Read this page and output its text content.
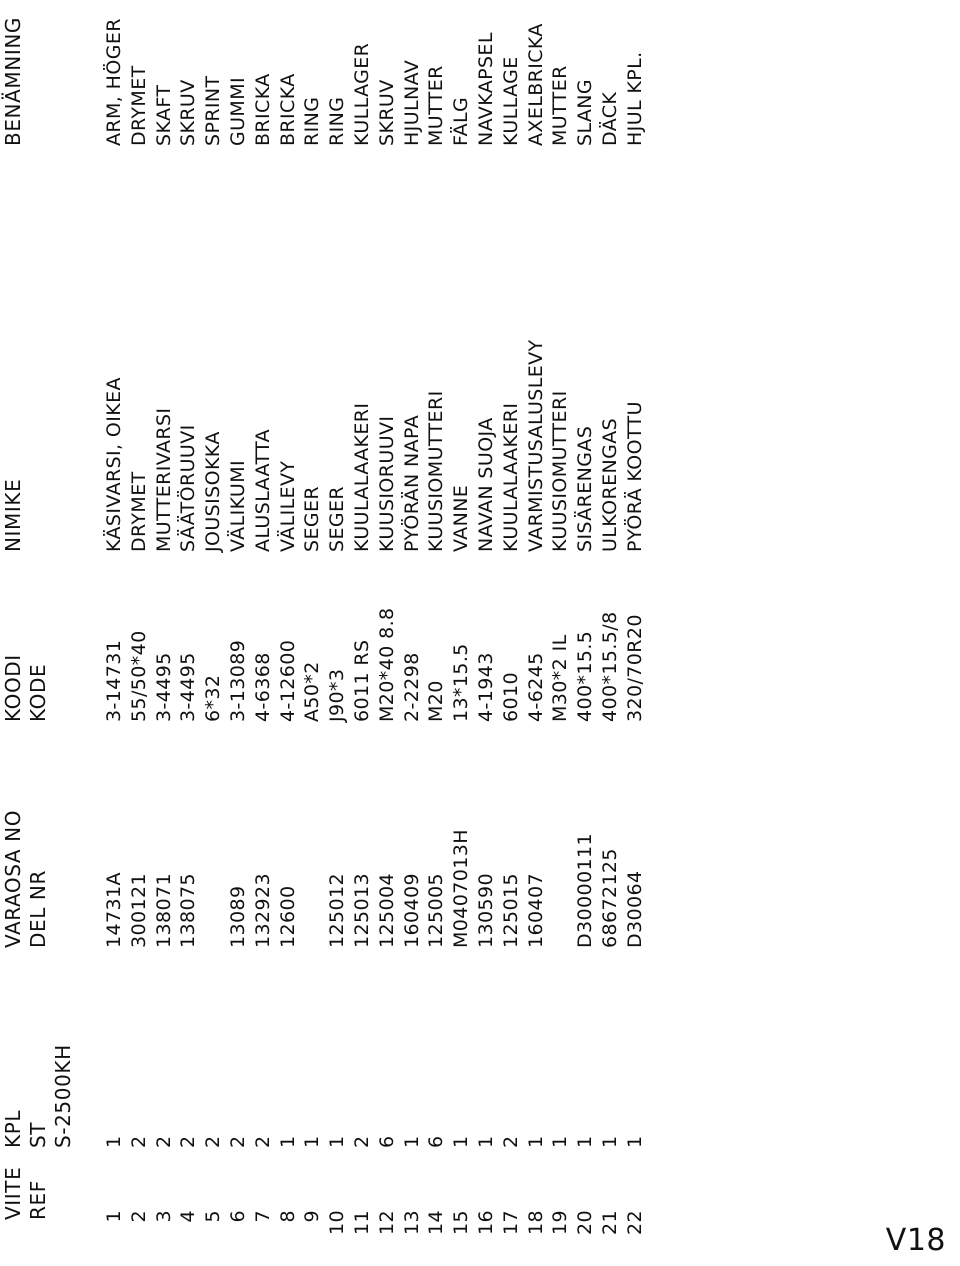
VIITE REF
KPL ST S-2500KH
VARAOSA NO DEL NR
KOODI KODE
NIMIKE
BENÄMNING
1
1
14731A
3-14731
KÄSIVARSI, OIKEA
ARM, HÖGER
2
2
300121
55/50*40
DRYMET
DRYMET
3
2
138071
3-4495
MUTTERIVARSI
SKAFT
4
2
138075
3-4495
SÄÄTÖRUUVI
SKRUV
5
2
6*32
JOUSISOKKA
SPRINT
6
2
13089
3-13089
VÄLIKUMI
GUMMI
7
2
132923
4-6368
ALUSLAATTA
BRICKA
8
1
12600
4-12600
VÄLILEVY
BRICKA
9
1
A50*2
SEGER
RING
10
1
125012
J90*3
SEGER
RING
11
2
125013
6011 RS
KUULALAAKERI
KULLAGER
12
6
125004
M20*40 8.8
KUUSIORUUVI
SKRUV
13
1
160409
2-2298
PYÖRÄN NAPA
HJULNAV
14
6
125005
M20
KUUSIOMUTTERI
MUTTER
15
1
M0407013H
13*15.5
VANNE
FÄLG
16
1
130590
4-1943
NAVAN SUOJA
NAVKAPSEL
17
2
125015
6010
KUULALAAKERI
KULLAGE
18
1
160407
4-6245
VARMISTUSALUSLEVY
AXELBRICKA
19
1
M30*2 IL
KUUSIOMUTTERI
MUTTER
20
1
D30000111
400*15.5
SISÄRENGAS
SLANG
21
1
68672125
400*15.5/8
ULKORENGAS
DÄCK
22
1
D30064
320/70R20
PYÖRÄ KOOTTU
HJUL KPL.
V18
